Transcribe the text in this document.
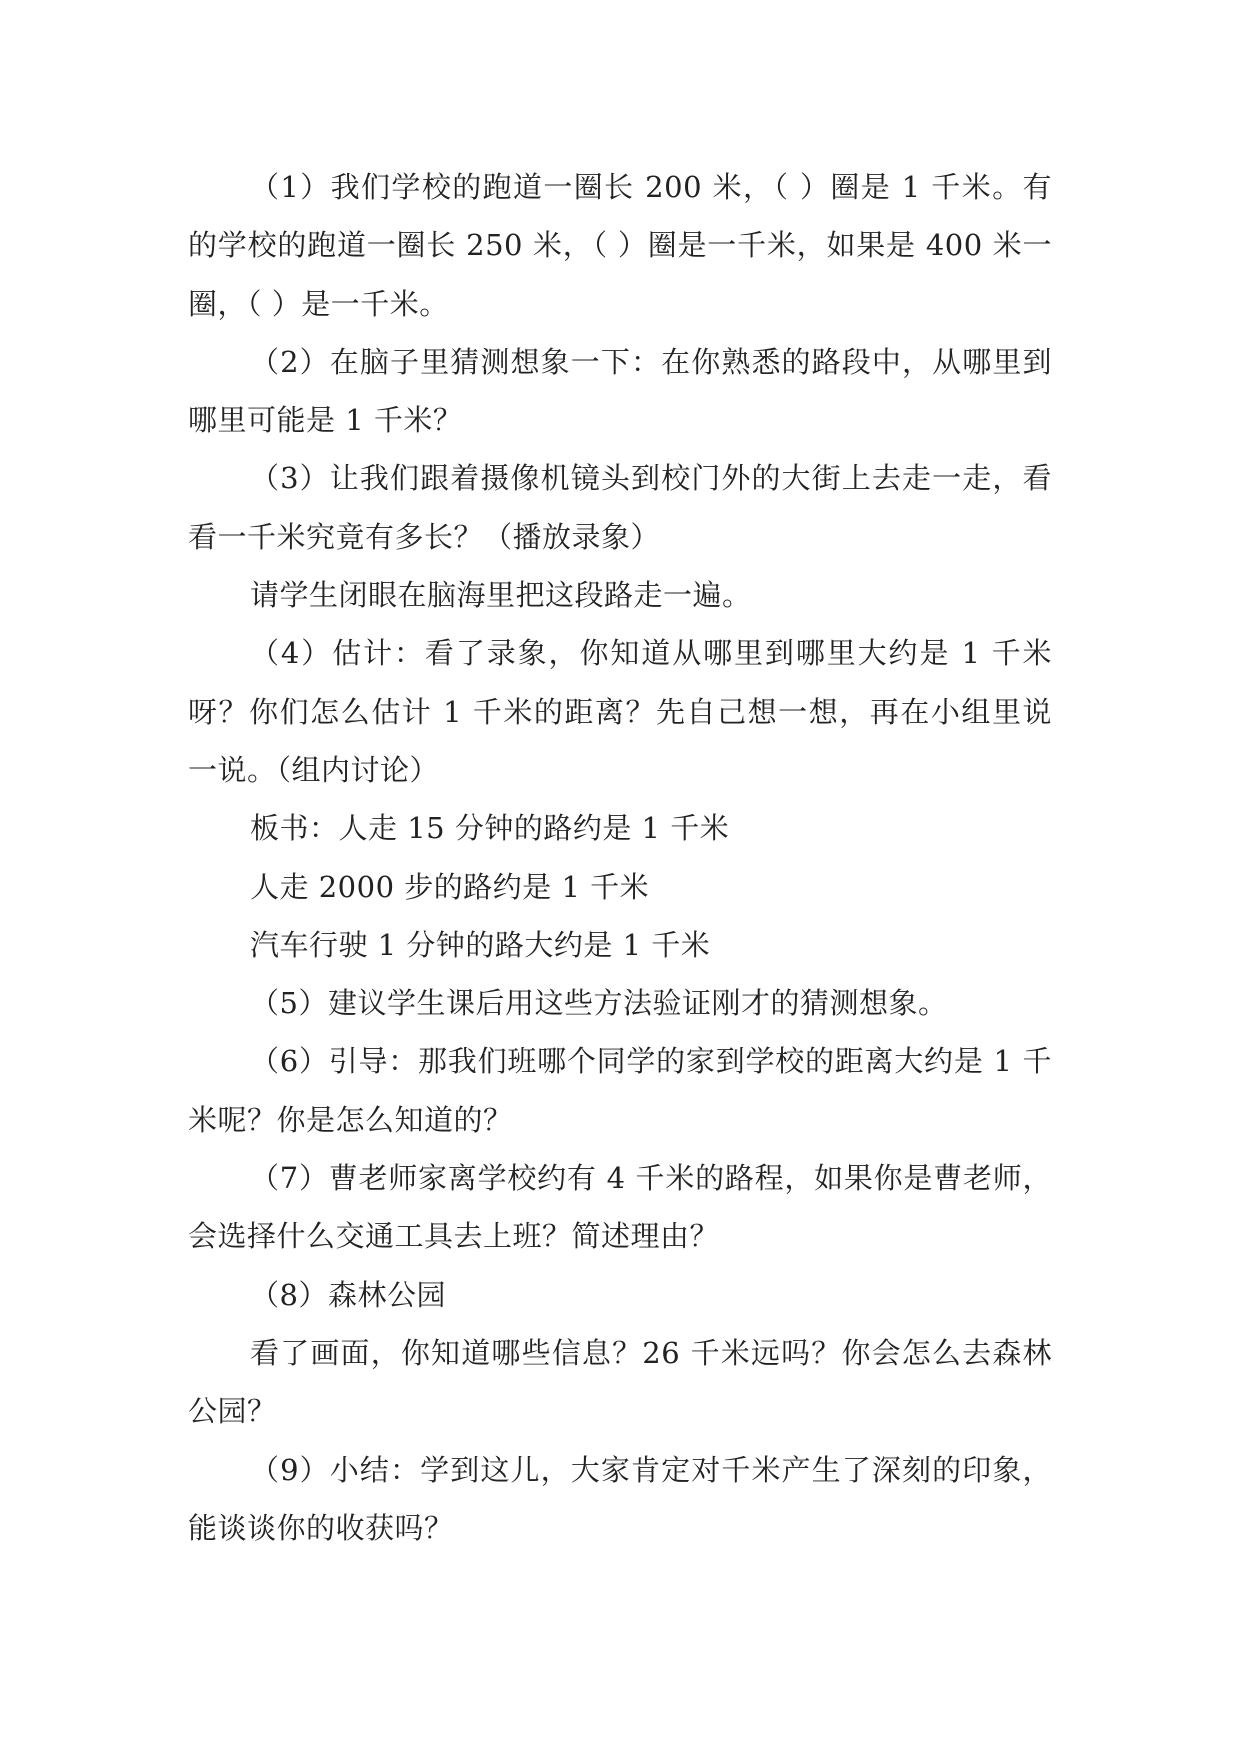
（1）我们学校的跑道一圈长 200 米，（ ）圈是 1 千米。有的学校的跑道一圈长 250 米，（ ）圈是一千米，如果是 400 米一圈，（ ）是一千米。

（2）在脑子里猜测想象一下：在你熟悉的路段中，从哪里到哪里可能是 1 千米？

（3）让我们跟着摄像机镜头到校门外的大街上去走一走，看看一千米究竟有多长？（播放录象）

请学生闭眼在脑海里把这段路走一遍。

（4）估计：看了录象，你知道从哪里到哪里大约是 1 千米呀？你们怎么估计 1 千米的距离？先自己想一想，再在小组里说一说。（组内讨论）

板书：人走 15 分钟的路约是 1 千米

人走 2000 步的路约是 1 千米

汽车行驶 1 分钟的路大约是 1 千米

（5）建议学生课后用这些方法验证刚才的猜测想象。

（6）引导：那我们班哪个同学的家到学校的距离大约是 1 千米呢？你是怎么知道的？

（7）曹老师家离学校约有 4 千米的路程，如果你是曹老师，会选择什么交通工具去上班？简述理由？

（8）森林公园

看了画面，你知道哪些信息？26 千米远吗？你会怎么去森林公园？

（9）小结：学到这儿，大家肯定对千米产生了深刻的印象，能谈谈你的收获吗？
